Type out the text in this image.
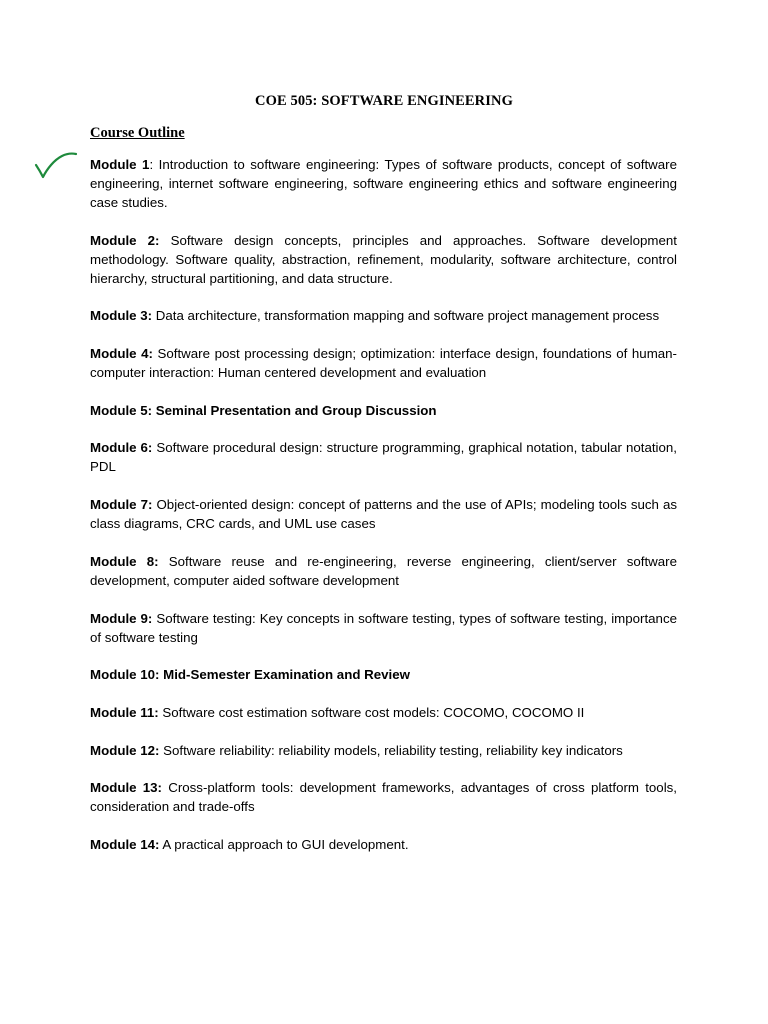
COE 505: SOFTWARE ENGINEERING
Course Outline

Module 1: Introduction to software engineering: Types of software products, concept of software engineering, internet software engineering, software engineering ethics and software engineering case studies.

Module 2: Software design concepts, principles and approaches. Software development methodology. Software quality, abstraction, refinement, modularity, software architecture, control hierarchy, structural partitioning, and data structure.

Module 3: Data architecture, transformation mapping and software project management process

Module 4: Software post processing design; optimization: interface design, foundations of human-computer interaction: Human centered development and evaluation

Module 5: Seminal Presentation and Group Discussion

Module 6: Software procedural design: structure programming, graphical notation, tabular notation, PDL

Module 7: Object-oriented design: concept of patterns and the use of APIs; modeling tools such as class diagrams, CRC cards, and UML use cases

Module 8: Software reuse and re-engineering, reverse engineering, client/server software development, computer aided software development

Module 9: Software testing: Key concepts in software testing, types of software testing, importance of software testing

Module 10: Mid-Semester Examination and Review

Module 11: Software cost estimation software cost models: COCOMO, COCOMO II

Module 12: Software reliability: reliability models, reliability testing, reliability key indicators

Module 13: Cross-platform tools: development frameworks, advantages of cross platform tools, consideration and trade-offs

Module 14: A practical approach to GUI development.
